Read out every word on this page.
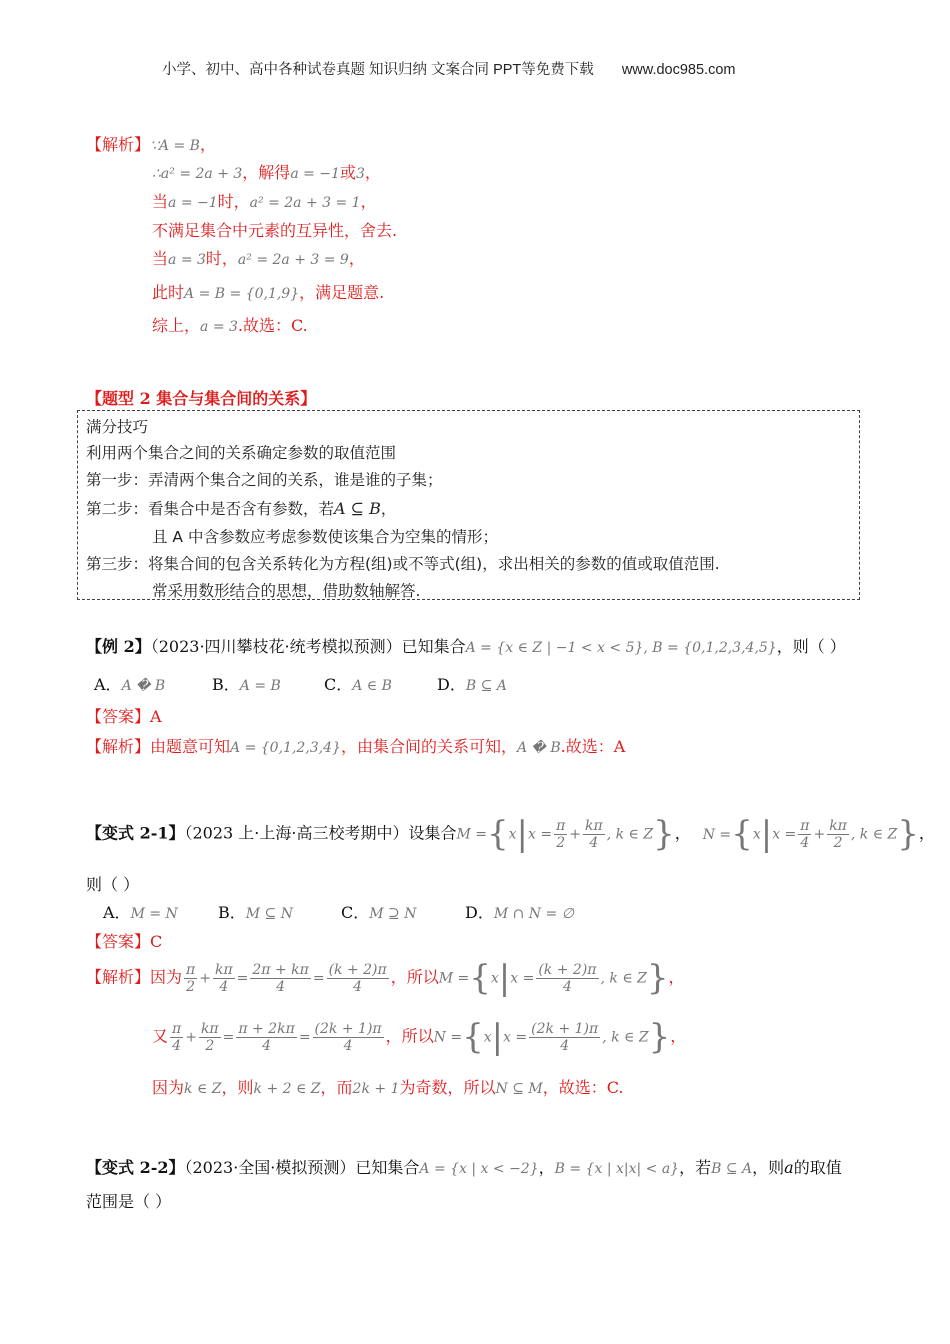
小学、初中、高中各种试卷真题 知识归纳 文案合同 PPT等免费下载 www.doc985.com
【解析】∵A = B，
∴a² = 2a + 3，解得a = −1或3，
当a = −1时，a² = 2a + 3 = 1，
不满足集合中元素的互异性，舍去.
当a = 3时，a² = 2a + 3 = 9，
此时A = B = {0,1,9}，满足题意.
综上，a = 3.故选：C.
【题型 2 集合与集合间的关系】
满分技巧
利用两个集合之间的关系确定参数的取值范围
第一步：弄清两个集合之间的关系，谁是谁的子集；
第二步：看集合中是否含有参数，若A ⊆ B，
且 A 中含参数应考虑参数使该集合为空集的情形；
第三步：将集合间的包含关系转化为方程(组)或不等式(组)，求出相关的参数的值或取值范围.
常采用数形结合的思想，借助数轴解答.
【例 2】（2023·四川攀枝花·统考模拟预测）已知集合A = {x ∈ Z | −1 < x < 5}, B = {0,1,2,3,4,5}，则（ ）
A．A � B	B．A = B	C．A ∈ B	D．B ⊆ A
【答案】A
【解析】由题意可知A = {0,1,2,3,4}，由集合间的关系可知，A � B.故选：A
【变式 2-1】（2023 上·上海·高三校考期中）设集合$M =\{x|x = \frac{\pi}{2} + \frac{k\pi}{4}$ , k ∈ Z}， $N =\{x|x = \frac{\pi}{4} + \frac{k\pi}{2}$ , k ∈ Z}，
则（ ）
A．M = N	B．M ⊆ N	C．M ⊇ N	D．M ∩ N = ∅
【答案】C
【解析】因为 $\frac{\pi}{2} + \frac{k\pi}{4} = \frac{2\pi + k\pi}{4} = \frac{(k + 2)\pi}{4}$ ，所以$M =\{x|x = \frac{(k + 2)\pi}{4}$ , k ∈ Z}，
又 $\frac{\pi}{4} + \frac{k\pi}{2} = \frac{\pi + 2k\pi}{4} = \frac{(2k + 1)\pi}{4}$ ，所以$N =\{x|x = \frac{(2k + 1)\pi}{4}$ , k ∈ Z}，
因为k ∈ Z，则k + 2 ∈ Z，而2k + 1为奇数，所以N ⊆ M，故选：C.
【变式 2-2】（2023·全国·模拟预测）已知集合A = {x | x < −2}，B = {x | x|x| < a}，若B ⊆ A，则a的取值
范围是（ ）
